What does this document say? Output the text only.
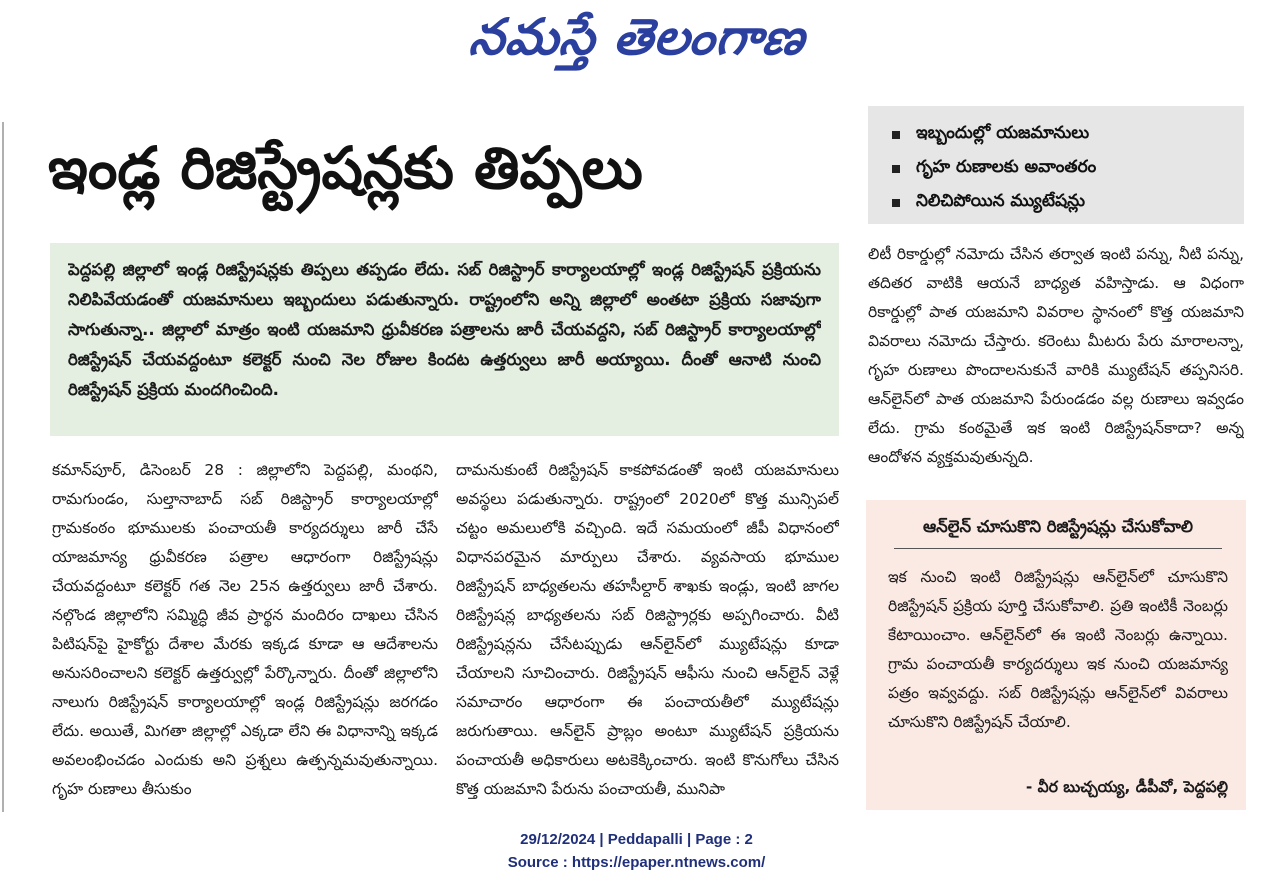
నమస్తే తెలంగాణ
ఇండ్ల రిజిస్ట్రేషన్లకు తిప్పలు
ఇబ్బందుల్లో యజమానులు
గృహ రుణాలకు అవాంతరం
నిలిచిపోయిన మ్యుటేషన్లు

పెద్దపల్లి జిల్లాలో ఇండ్ల రిజిస్ట్రేషన్లకు తిప్పలు తప్పడం లేదు. సబ్ రిజిస్ట్రార్ కార్యాలయాల్లో ఇండ్ల రిజిస్ట్రేషన్ ప్రక్రియను నిలిపివేయడంతో యజమానులు ఇబ్బందులు పడుతున్నారు. రాష్ట్రంలోని అన్ని జిల్లాలో అంతటా ప్రక్రియ సజావుగా సాగుతున్నా.. జిల్లాలో మాత్రం ఇంటి యజమాని ధ్రువీకరణ పత్రాలను జారీ చేయవద్దని, సబ్ రిజిస్ట్రార్ కార్యాలయాల్లో రిజిస్ట్రేషన్ చేయవద్దంటూ కలెక్టర్ నుంచి నెల రోజుల కిందట ఉత్తర్వులు జారీ అయ్యాయి. దీంతో ఆనాటి నుంచి రిజిస్ట్రేషన్ ప్రక్రియ మందగించింది.

కమాన్‌పూర్, డిసెంబర్ 28 : జిల్లాలోని పెద్దపల్లి, మంథని, రామగుండం, సుల్తానాబాద్ సబ్ రిజిస్ట్రార్ కార్యాలయాల్లో గ్రామకంఠం భూములకు పంచాయతీ కార్యదర్శులు జారీ చేసే యాజమాన్య ధ్రువీకరణ పత్రాల ఆధారంగా రిజిస్ట్రేషన్లు చేయవద్దంటూ కలెక్టర్ గత నెల 25న ఉత్తర్వులు జారీ చేశారు. నల్గొండ జిల్లాలోని సమ్మిద్ధి జీవ ప్రార్థన మందిరం దాఖలు చేసిన పిటిషన్‌పై హైకోర్టు దేశాల మేరకు ఇక్కడ కూడా ఆ ఆదేశాలను అనుసరించాలని కలెక్టర్ ఉత్తర్వుల్లో పేర్కొన్నారు. దీంతో జిల్లాలోని నాలుగు రిజిస్ట్రేషన్ కార్యాలయాల్లో ఇండ్ల రిజిస్ట్రేషన్లు జరగడం లేదు. అయితే, మిగతా జిల్లాల్లో ఎక్కడా లేని ఈ విధానాన్ని ఇక్కడ అవలంభించడం ఎందుకు అని ప్రశ్నలు ఉత్పన్నమవుతున్నాయి. గృహ రుణాలు తీసుకుం

దామనుకుంటే రిజిస్ట్రేషన్ కాకపోవడంతో ఇంటి యజమానులు అవస్థలు పడుతున్నారు. రాష్ట్రంలో 2020లో కొత్త మున్సిపల్ చట్టం అమలులోకి వచ్చింది. ఇదే సమయంలో జీపీ విధానంలో విధానపరమైన మార్పులు చేశారు. వ్యవసాయ భూముల రిజిస్ట్రేషన్ బాధ్యతలను తహసీల్దార్ శాఖకు ఇండ్లు, ఇంటి జాగల రిజిస్ట్రేషన్ల బాధ్యతలను సబ్ రిజిస్ట్రార్లకు అప్పగించారు. వీటి రిజిస్ట్రేషన్లను చేసేటప్పుడు ఆన్‌లైన్‌లో మ్యుటేషన్లు కూడా చేయాలని సూచించారు. రిజిస్ట్రేషన్ ఆఫీసు నుంచి ఆన్‌లైన్ వెళ్లే సమాచారం ఆధారంగా ఈ పంచాయతీలో మ్యుటేషన్లు జరుగుతాయి. ఆన్‌లైన్ ప్రాబ్లం అంటూ మ్యుటేషన్ ప్రక్రియను పంచాయతీ అధికారులు అటకెక్కించారు. ఇంటి కొనుగోలు చేసిన కొత్త యజమాని పేరును పంచాయతీ, మునిపా

లిటీ రికార్డుల్లో నమోదు చేసిన తర్వాత ఇంటి పన్ను, నీటి పన్ను, తదితర వాటికి ఆయనే బాధ్యత వహిస్తాడు. ఆ విధంగా రికార్డుల్లో పాత యజమాని వివరాల స్థానంలో కొత్త యజమాని వివరాలు నమోదు చేస్తారు. కరెంటు మీటరు పేరు మారాలన్నా, గృహ రుణాలు పొందాలనుకునే వారికి మ్యుటేషన్ తప్పనిసరి. ఆన్‌లైన్‌లో పాత యజమాని పేరుండడం వల్ల రుణాలు ఇవ్వడం లేదు. గ్రామ కంఠమైతే ఇక ఇంటి రిజిస్ట్రేషన్‌కాదా? అన్న ఆందోళన వ్యక్తమవుతున్నది.

ఆన్‌లైన్ చూసుకొని రిజిస్ట్రేషన్లు చేసుకోవాలి

ఇక నుంచి ఇంటి రిజిస్ట్రేషన్లు ఆన్‌లైన్‌లో చూసుకొని రిజిస్ట్రేషన్ ప్రక్రియ పూర్తి చేసుకోవాలి. ప్రతి ఇంటికీ నెంబర్లు కేటాయించాం. ఆన్‌లైన్‌లో ఈ ఇంటి నెంబర్లు ఉన్నాయి. గ్రామ పంచాయతీ కార్యదర్శులు ఇక నుంచి యజమాన్య పత్రం ఇవ్వవద్దు. సబ్ రిజిస్ట్రేషన్లు ఆన్‌లైన్‌లో వివరాలు చూసుకొని రిజిస్ట్రేషన్ చేయాలి.

- వీర బుచ్చయ్య, డీపీవో, పెద్దపల్లి
29/12/2024 | Peddapalli | Page : 2
Source : https://epaper.ntnews.com/
